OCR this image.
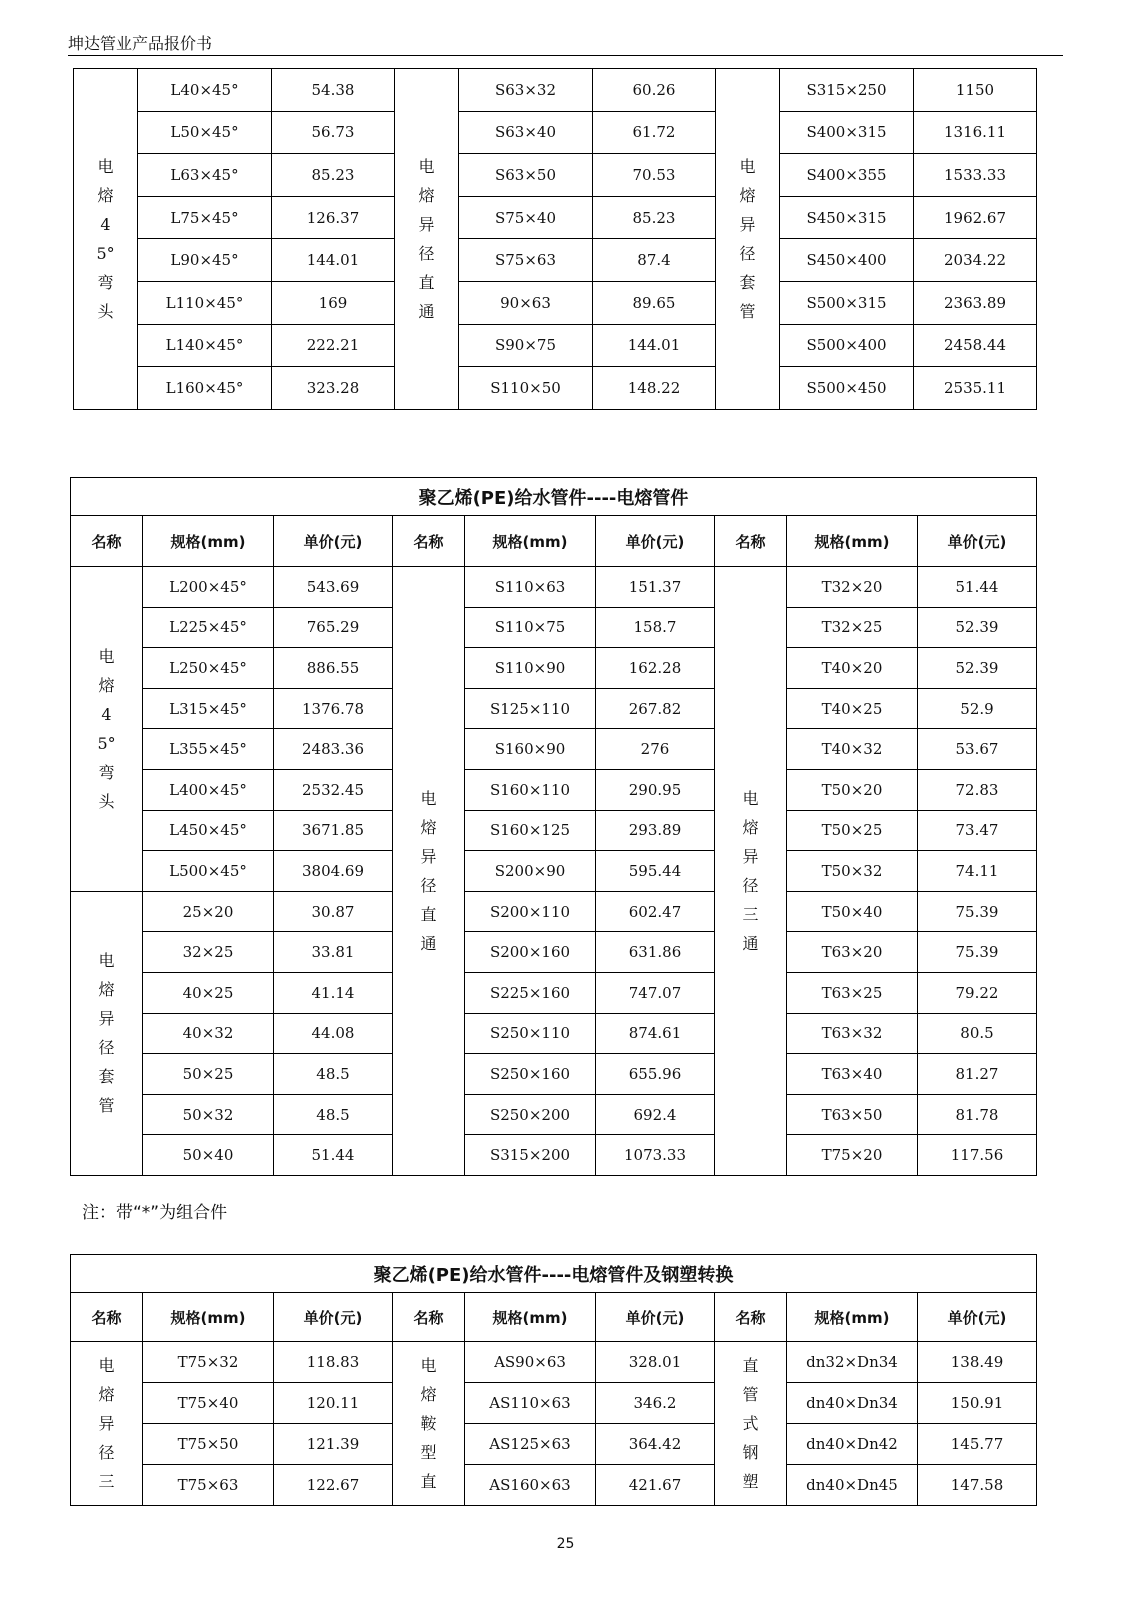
坤达管业产品报价书
电熔45°弯头	L40×45°	54.38	电熔异径直通	S63×32	60.26	电熔异径套管	S315×250	1150
	L50×45°	56.73		S63×40	61.72		S400×315	1316.11
	L63×45°	85.23		S63×50	70.53		S400×355	1533.33
	L75×45°	126.37		S75×40	85.23		S450×315	1962.67
	L90×45°	144.01		S75×63	87.4		S450×400	2034.22
	L110×45°	169		90×63	89.65		S500×315	2363.89
	L140×45°	222.21		S90×75	144.01		S500×400	2458.44
	L160×45°	323.28		S110×50	148.22		S500×450	2535.11
聚乙烯(PE)给水管件----电熔管件								
名称	规格(mm)	单价(元)	名称	规格(mm)	单价(元)	名称	规格(mm)	单价(元)
电熔45°弯头	L200×45°	543.69	电熔异径直通	S110×63	151.37	电熔异径三通	T32×20	51.44
	L225×45°	765.29		S110×75	158.7		T32×25	52.39
	L250×45°	886.55		S110×90	162.28		T40×20	52.39
	L315×45°	1376.78		S125×110	267.82		T40×25	52.9
	L355×45°	2483.36		S160×90	276		T40×32	53.67
	L400×45°	2532.45		S160×110	290.95		T50×20	72.83
	L450×45°	3671.85		S160×125	293.89		T50×25	73.47
	L500×45°	3804.69		S200×90	595.44		T50×32	74.11
电熔异径套管	25×20	30.87		S200×110	602.47		T50×40	75.39
	32×25	33.81		S200×160	631.86		T63×20	75.39
	40×25	41.14		S225×160	747.07		T63×25	79.22
	40×32	44.08		S250×110	874.61		T63×32	80.5
	50×25	48.5		S250×160	655.96		T63×40	81.27
	50×32	48.5		S250×200	692.4		T63×50	81.78
	50×40	51.44		S315×200	1073.33		T75×20	117.56
注：带“*”为组合件
聚乙烯(PE)给水管件----电熔管件及钢塑转换								
名称	规格(mm)	单价(元)	名称	规格(mm)	单价(元)	名称	规格(mm)	单价(元)
电熔异径三	T75×32	118.83	电熔鞍型直	AS90×63	328.01	直管式钢塑	dn32×Dn34	138.49
	T75×40	120.11		AS110×63	346.2		dn40×Dn34	150.91
	T75×50	121.39		AS125×63	364.42		dn40×Dn42	145.77
	T75×63	122.67		AS160×63	421.67		dn40×Dn45	147.58
25
